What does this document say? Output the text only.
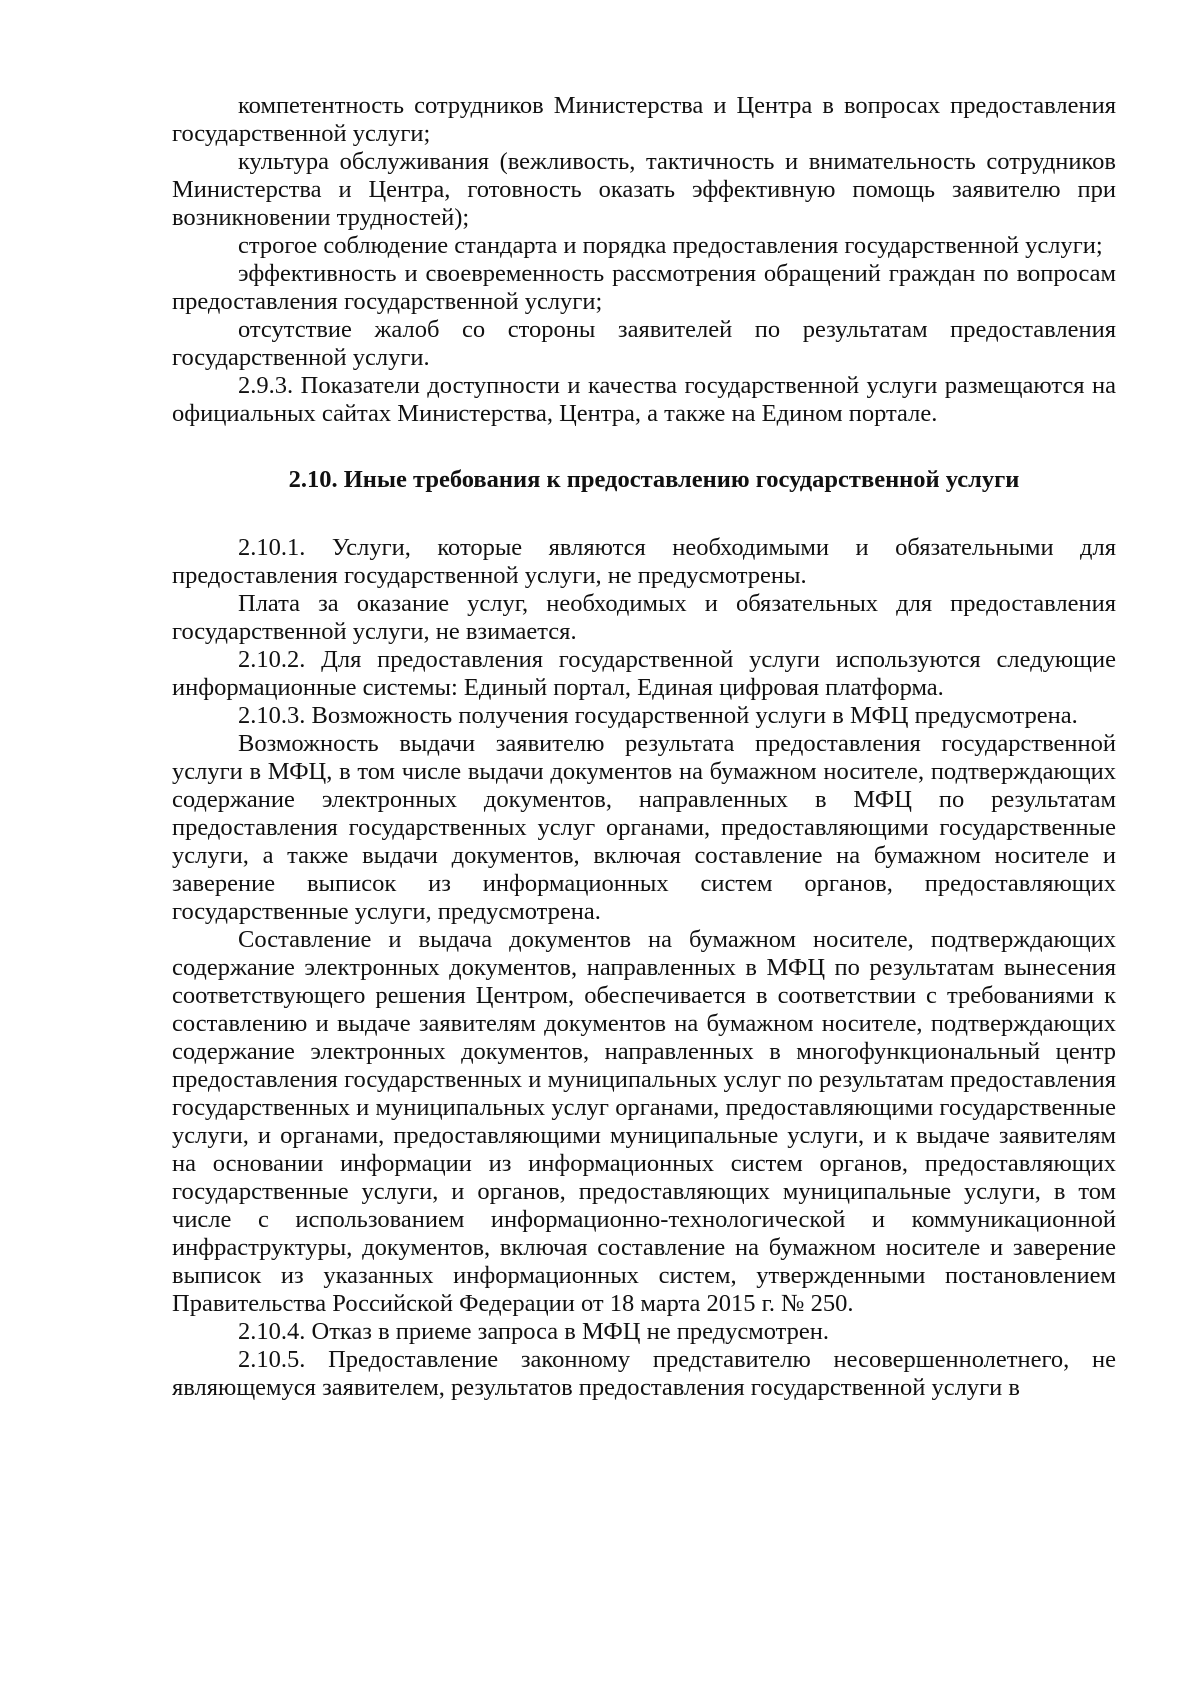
компетентность сотрудников Министерства и Центра в вопросах предоставления государственной услуги;

культура обслуживания (вежливость, тактичность и внимательность сотрудников Министерства и Центра, готовность оказать эффективную помощь заявителю при возникновении трудностей);

строгое соблюдение стандарта и порядка предоставления государственной услуги;

эффективность и своевременность рассмотрения обращений граждан по вопросам предоставления государственной услуги;

отсутствие жалоб со стороны заявителей по результатам предоставления государственной услуги.

2.9.3. Показатели доступности и качества государственной услуги размещаются на официальных сайтах Министерства, Центра, а также на Едином портале.

2.10. Иные требования к предоставлению государственной услуги

2.10.1. Услуги, которые являются необходимыми и обязательными для предоставления государственной услуги, не предусмотрены.

Плата за оказание услуг, необходимых и обязательных для предоставления государственной услуги, не взимается.

2.10.2. Для предоставления государственной услуги используются следующие информационные системы: Единый портал, Единая цифровая платформа.

2.10.3. Возможность получения государственной услуги в МФЦ предусмотрена.

Возможность выдачи заявителю результата предоставления государственной услуги в МФЦ, в том числе выдачи документов на бумажном носителе, подтверждающих содержание электронных документов, направленных в МФЦ по результатам предоставления государственных услуг органами, предоставляющими государственные услуги, а также выдачи документов, включая составление на бумажном носителе и заверение выписок из информационных систем органов, предоставляющих государственные услуги, предусмотрена.

Составление и выдача документов на бумажном носителе, подтверждающих содержание электронных документов, направленных в МФЦ по результатам вынесения соответствующего решения Центром, обеспечивается в соответствии с требованиями к составлению и выдаче заявителям документов на бумажном носителе, подтверждающих содержание электронных документов, направленных в многофункциональный центр предоставления государственных и муниципальных услуг по результатам предоставления государственных и муниципальных услуг органами, предоставляющими государственные услуги, и органами, предоставляющими муниципальные услуги, и к выдаче заявителям на основании информации из информационных систем органов, предоставляющих государственные услуги, и органов, предоставляющих муниципальные услуги, в том числе с использованием информационно-технологической и коммуникационной инфраструктуры, документов, включая составление на бумажном носителе и заверение выписок из указанных информационных систем, утвержденными постановлением Правительства Российской Федерации от 18 марта 2015 г. № 250.

2.10.4. Отказ в приеме запроса в МФЦ не предусмотрен.

2.10.5. Предоставление законному представителю несовершеннолетнего, не являющемуся заявителем, результатов предоставления государственной услуги в
